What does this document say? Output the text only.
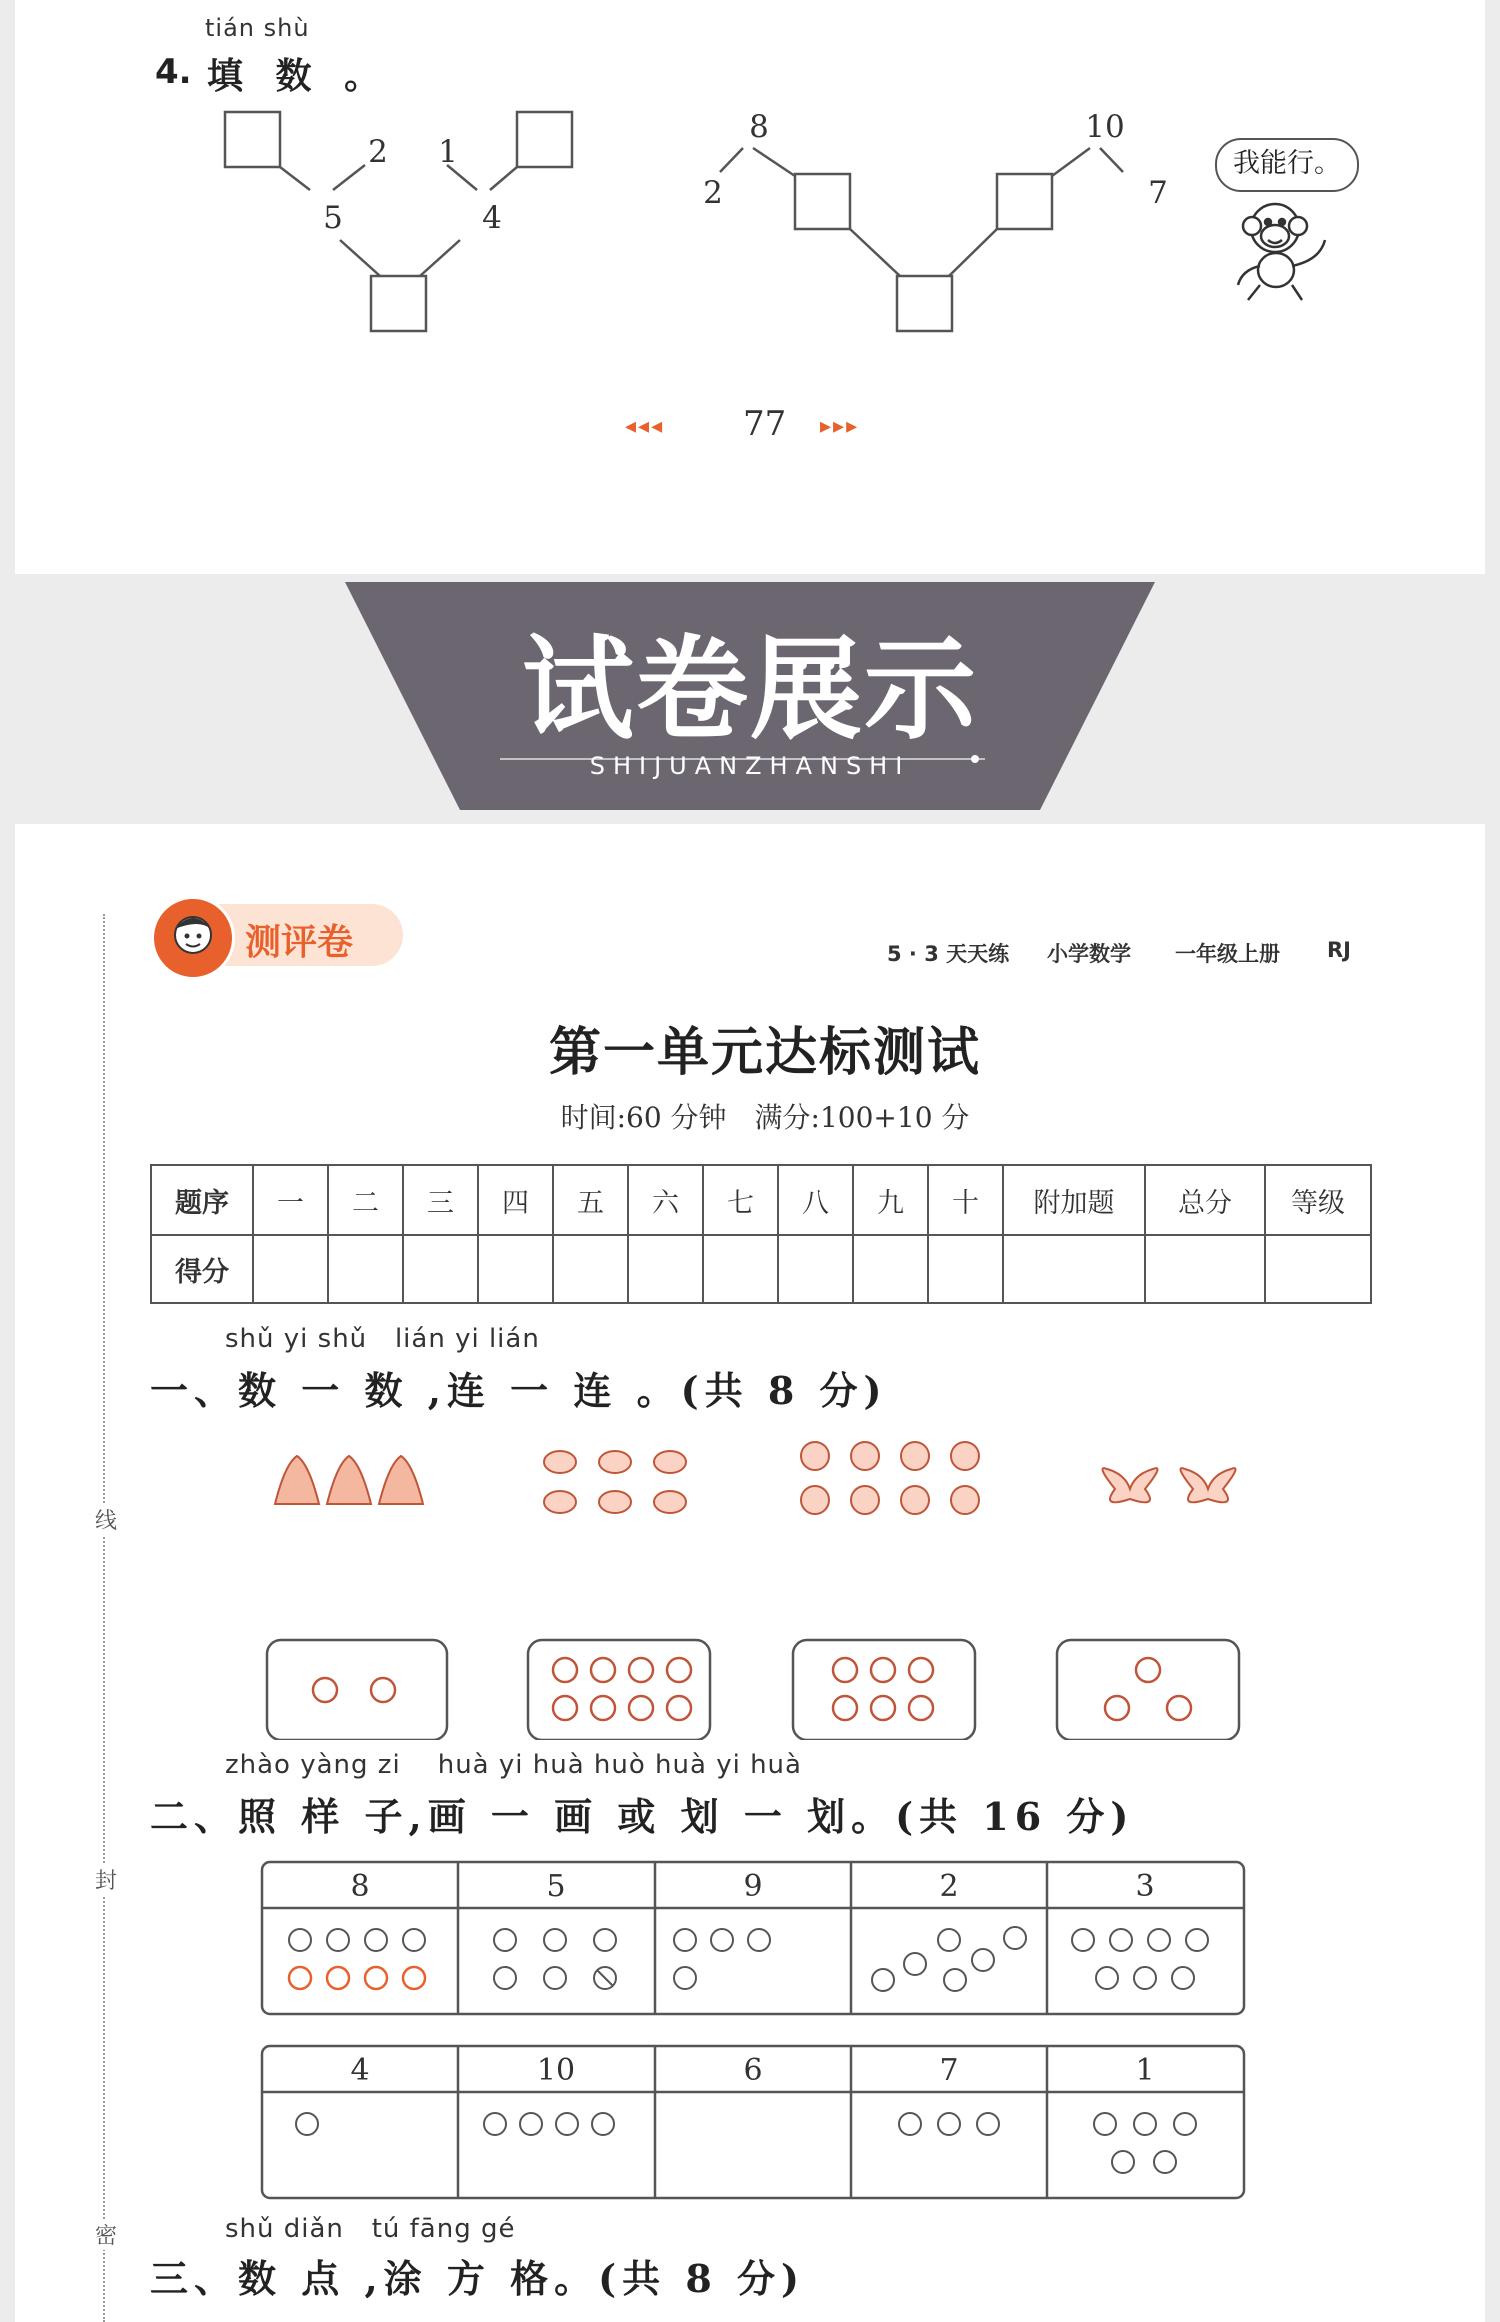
tián shù
4. 填 数 。
2 1
5	4
8
2
10
7
我能行。
◂◂◂ 77 ▸▸▸
试卷展示
SHIJUANZHANSHI
线
封
密
测评卷	5 · 3 天天练 小学数学 一年级上册 RJ
第一单元达标测试
时间:60 分钟　满分:100+10 分
题序	一	二	三	四	五	六	七	八	九	十	附加题	总分	等级
得分													
shǔ yi shǔ   lián yi lián
一、数 一 数 ,连 一 连 。(共 8 分)
zhào yàng zi    huà yi huà huò huà yi huà
二、照 样 子,画 一 画 或 划 一 划。(共 16 分)
8	5	9	2	3
4	10	6	7	1
shǔ diǎn   tú fāng gé
三、数 点 ,涂 方 格。(共 8 分)
